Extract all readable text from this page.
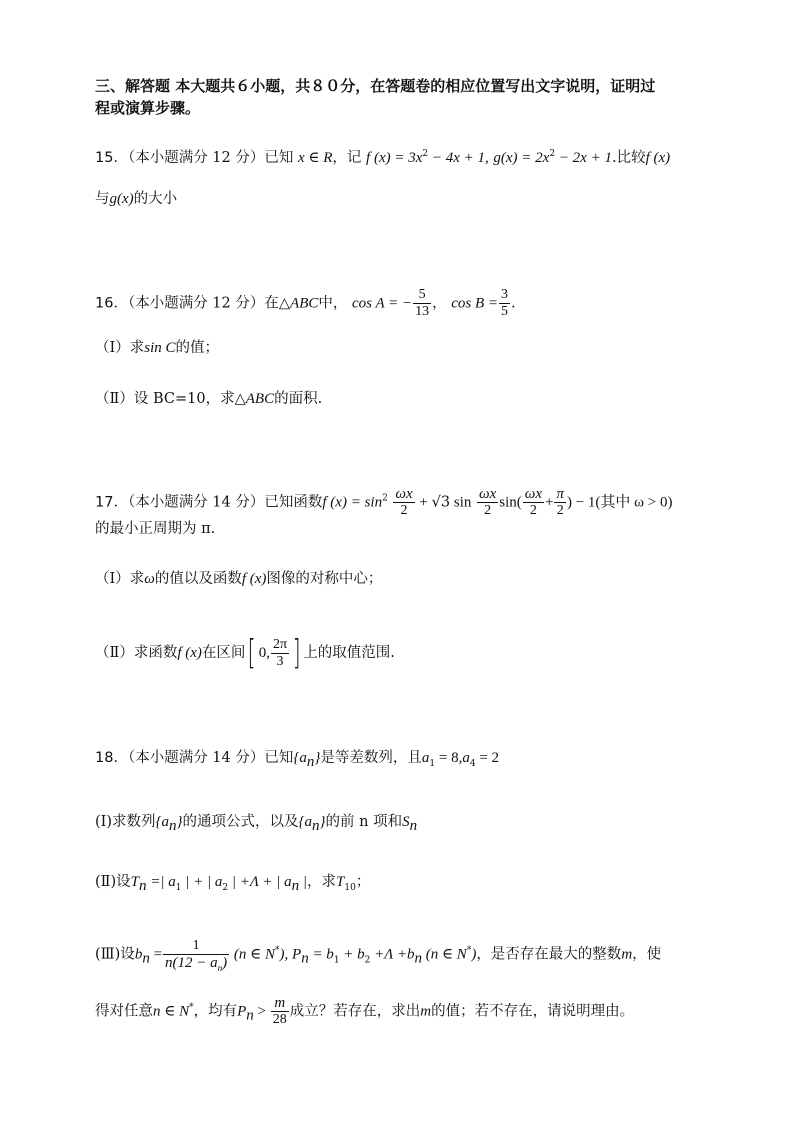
三、解答题 本大题共６小题，共８０分，在答题卷的相应位置写出文字说明，证明过
程或演算步骤。
15．（本小题满分 12 分）已知 x ∈ R，记 f $(x) = 3x^2 - 4x + 1$, $g(x) = 2x^2 - 2x + 1$.比较f (x)
与g(x)的大小
16．（本小题满分 12 分）在△ABC中， cos A = − $\frac{5}{13}$ ， $\cos B = \frac{3}{5}$ .
（Ⅰ）求sin C的值；
（Ⅱ）设 BC=10，求△ABC的面积.
17．（本小题满分 14 分）已知函数f $(x) = \sin^2 \frac{\omega x}{2} + √3$ $\sin \frac{\omega x}{2} \sin( \frac{\omega x}{2} + \frac{\pi}{2}$ ) − 1(其中 ω > 0)
的最小正周期为 π.
（Ⅰ）求ω的值以及函数f (x)图像的对称中心；
（Ⅱ）求函数f (x)在区间[ 0, $\frac{2\pi}{3}$ ] 上的取值范围.
18．（本小题满分 14 分）已知$\{a_n\}$是等差数列，且$a_1 = 8,a_4 = 2$
(Ⅰ)求数列$\{a_n\}$的通项公式，以及$\{a_n\}$的前 n 项和$S_n$
(Ⅱ)设$T_n$ =| $a_1$ | + | $a_2$ | +Λ + | $a_n$ |，求$T_{10}$；
(Ⅲ)设$b_n = \frac{1}{n(12 - a_n)} (n$ ∈ N*), $P_n = b_1 + b_2 +\Lambda +b_n$ (n ∈ N*)，是否存在最大的整数m，使
得对任意n ∈ N*，均有$P_n > \frac{m}{28}$ 成立？若存在，求出m的值；若不存在，请说明理由。
